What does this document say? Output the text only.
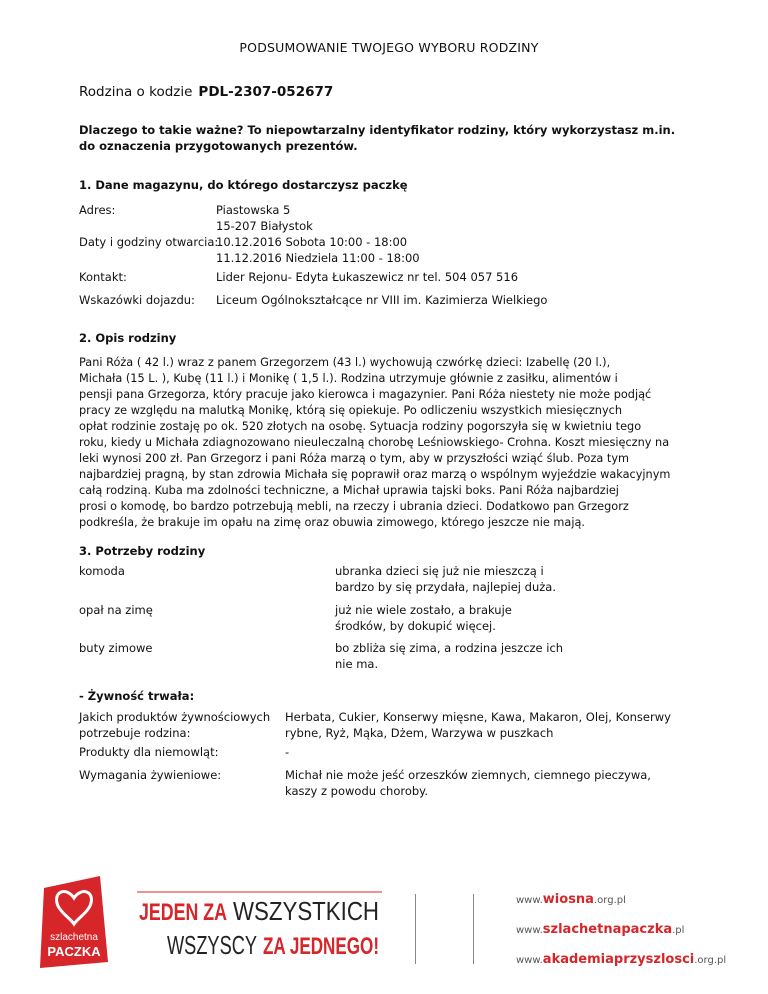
PODSUMOWANIE TWOJEGO WYBORU RODZINY
Rodzina o kodzie PDL-2307-052677
Dlaczego to takie ważne? To niepowtarzalny identyfikator rodziny, który wykorzystasz m.in.
do oznaczenia przygotowanych prezentów.
1. Dane magazynu, do którego dostarczysz paczkę
Adres:	Piastowska 5
15-207 Białystok
Daty i godziny otwarcia:
10.12.2016 Sobota 10:00 - 18:00
11.12.2016 Niedziela 11:00 - 18:00
Kontakt:	Lider Rejonu- Edyta Łukaszewicz nr tel. 504 057 516
Wskazówki dojazdu: Liceum Ogólnokształcące nr VIII im. Kazimierza Wielkiego
2. Opis rodziny
Pani Róża ( 42 l.) wraz z panem Grzegorzem (43 l.) wychowują czwórkę dzieci: Izabellę (20 l.),
Michała (15 L. ), Kubę (11 l.) i Monikę ( 1,5 l.). Rodzina utrzymuje głównie z zasiłku, alimentów i
pensji pana Grzegorza, który pracuje jako kierowca i magazynier. Pani Róża niestety nie może podjąć
pracy ze względu na malutką Monikę, którą się opiekuje. Po odliczeniu wszystkich miesięcznych
opłat rodzinie zostaję po ok. 520 złotych na osobę. Sytuacja rodziny pogorszyła się w kwietniu tego
roku, kiedy u Michała zdiagnozowano nieuleczalną chorobę Leśniowskiego- Crohna. Koszt miesięczny na
leki wynosi 200 zł. Pan Grzegorz i pani Róża marzą o tym, aby w przyszłości wziąć ślub. Poza tym
najbardziej pragną, by stan zdrowia Michała się poprawił oraz marzą o wspólnym wyjeździe wakacyjnym
całą rodziną. Kuba ma zdolności techniczne, a Michał uprawia tajski boks. Pani Róża najbardziej
prosi o komodę, bo bardzo potrzebują mebli, na rzeczy i ubrania dzieci. Dodatkowo pan Grzegorz
podkreśla, że brakuje im opału na zimę oraz obuwia zimowego, którego jeszcze nie mają.
3. Potrzeby rodziny
komoda	ubranka dzieci się już nie mieszczą i
bardzo by się przydała, najlepiej duża.
opał na zimę	już nie wiele zostało, a brakuje
środków, by dokupić więcej.
buty zimowe	bo zbliża się zima, a rodzina jeszcze ich
nie ma.
- Żywność trwała:
Jakich produktów żywnościowych
potrzebuje rodzina:
Herbata, Cukier, Konserwy mięsne, Kawa, Makaron, Olej, Konserwy
rybne, Ryż, Mąka, Dżem, Warzywa w puszkach
Produkty dla niemowląt:	-
Wymagania żywieniowe:	Michał nie może jeść orzeszków ziemnych, ciemnego pieczywa,
kaszy z powodu choroby.
szlachetna
PACZKA
JEDEN ZA WSZYSTKICH
WSZYSCY ZA JEDNEGO!
www.wiosna.org.pl
www.szlachetnapaczka.pl
www.akademiaprzyszlosci.org.pl
